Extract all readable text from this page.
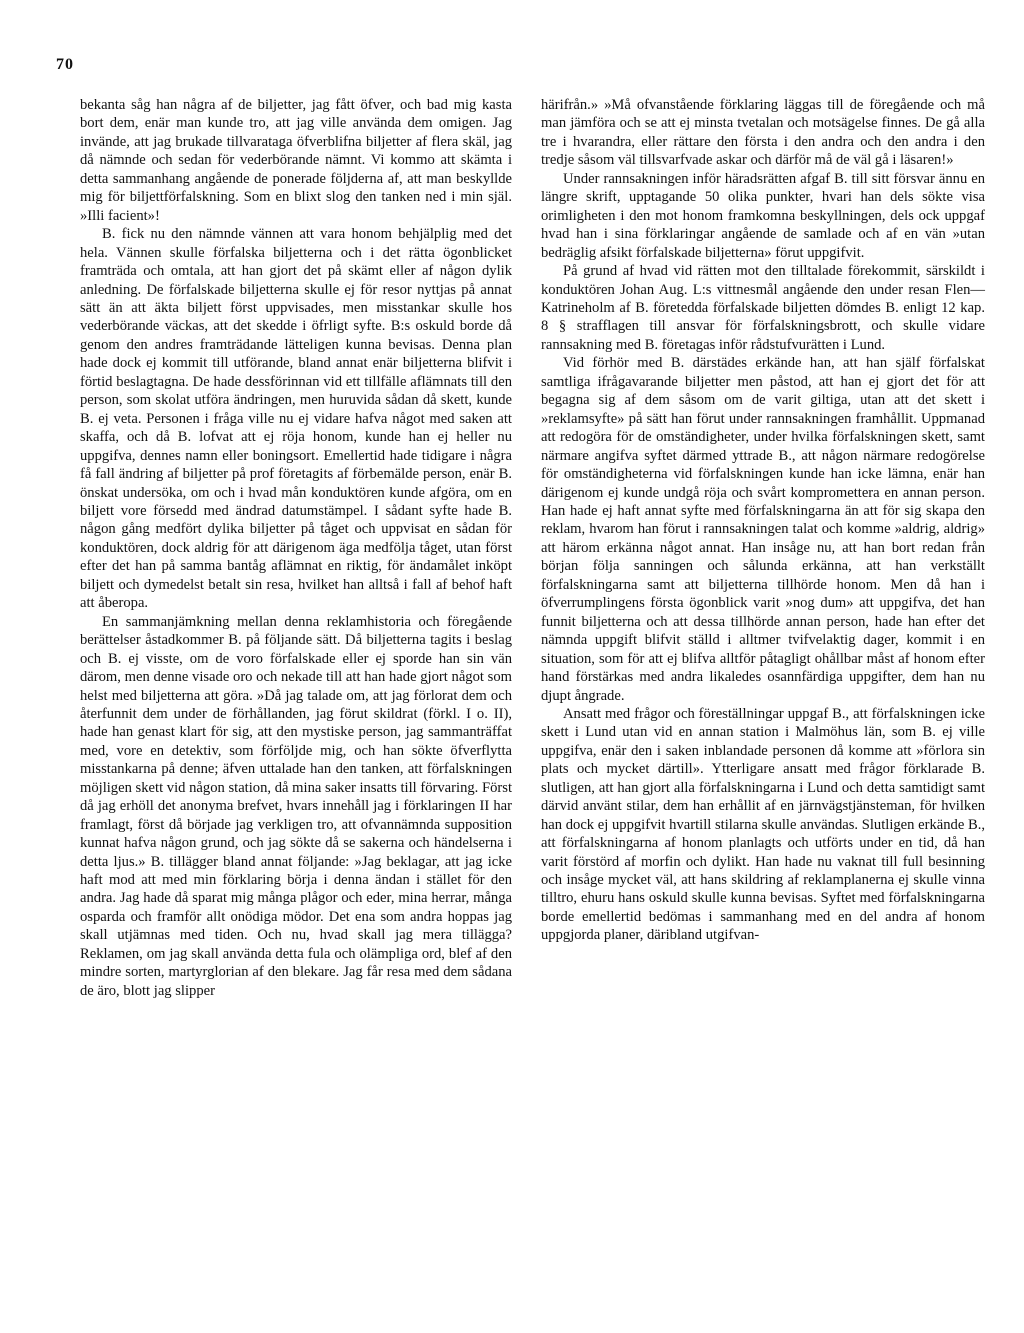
70

bekanta såg han några af de biljetter, jag fått öfver, och bad mig kasta bort dem, enär man kunde tro, att jag ville använda dem omigen. Jag invände, att jag brukade tillvarataga öfverblifna biljetter af flera skäl, jag då nämnde och sedan för vederbörande nämnt. Vi kommo att skämta i detta sammanhang angående de ponerade följderna af, att man beskyllde mig för biljettförfalskning. Som en blixt slog den tanken ned i min själ. »Illi facient»!

B. fick nu den nämnde vännen att vara honom behjälplig med det hela. Vännen skulle förfalska biljetterna och i det rätta ögonblicket framträda och omtala, att han gjort det på skämt eller af någon dylik anledning. De förfalskade biljetterna skulle ej för resor nyttjas på annat sätt än att äkta biljett först uppvisades, men misstankar skulle hos vederbörande väckas, att det skedde i öfrligt syfte. B:s oskuld borde då genom den andres framträdande lätteligen kunna bevisas. Denna plan hade dock ej kommit till utförande, bland annat enär biljetterna blifvit i förtid beslagtagna. De hade dessförinnan vid ett tillfälle aflämnats till den person, som skolat utföra ändringen, men huruvida sådan då skett, kunde B. ej veta. Personen i fråga ville nu ej vidare hafva något med saken att skaffa, och då B. lofvat att ej röja honom, kunde han ej heller nu uppgifva, dennes namn eller boningsort. Emellertid hade tidigare i några få fall ändring af biljetter på prof företagits af förbemälde person, enär B. önskat undersöka, om och i hvad mån konduktören kunde afgöra, om en biljett vore försedd med ändrad datumstämpel. I sådant syfte hade B. någon gång medfört dylika biljetter på tåget och uppvisat en sådan för konduktören, dock aldrig för att därigenom äga medfölja tåget, utan först efter det han på samma bantåg aflämnat en riktig, för ändamålet inköpt biljett och dymedelst betalt sin resa, hvilket han alltså i fall af behof haft att åberopa.

En sammanjämkning mellan denna reklamhistoria och föregående berättelser åstadkommer B. på följande sätt. Då biljetterna tagits i beslag och B. ej visste, om de voro förfalskade eller ej sporde han sin vän därom, men denne visade oro och nekade till att han hade gjort något som helst med biljetterna att göra. »Då jag talade om, att jag förlorat dem och återfunnit dem under de förhållanden, jag förut skildrat (förkl. I o. II), hade han genast klart för sig, att den mystiske person, jag sammanträffat med, vore en detektiv, som förföljde mig, och han sökte öfverflytta misstankarna på denne; äfven uttalade han den tanken, att förfalskningen möjligen skett vid någon station, då mina saker insatts till förvaring. Först då jag erhöll det anonyma brefvet, hvars innehåll jag i förklaringen II har framlagt, först då började jag verkligen tro, att ofvannämnda supposition kunnat hafva någon grund, och jag sökte då se sakerna och händelserna i detta ljus.» B. tillägger bland annat följande: »Jag beklagar, att jag icke haft mod att med min förklaring börja i denna ändan i stället för den andra. Jag hade då sparat mig många plågor och eder, mina herrar, många osparda och framför allt onödiga mödor. Det ena som andra hoppas jag skall utjämnas med tiden. Och nu, hvad skall jag mera tillägga? Reklamen, om jag skall använda detta fula och olämpliga ord, blef af den mindre sorten, martyrglorian af den blekare. Jag får resa med dem sådana de äro, blott jag slipper

härifrån.» »Må ofvanstående förklaring läggas till de föregående och må man jämföra och se att ej minsta tvetalan och motsägelse finnes. De gå alla tre i hvarandra, eller rättare den första i den andra och den andra i den tredje såsom väl tillsvarfvade askar och därför må de väl gå i läsaren!»

Under rannsakningen inför häradsrätten afgaf B. till sitt försvar ännu en längre skrift, upptagande 50 olika punkter, hvari han dels sökte visa orimligheten i den mot honom framkomna beskyllningen, dels ock uppgaf hvad han i sina förklaringar angående de samlade och af en vän »utan bedräglig afsikt förfalskade biljetterna» förut uppgifvit.

På grund af hvad vid rätten mot den tilltalade förekommit, särskildt i konduktören Johan Aug. L:s vittnesmål angående den under resan Flen—Katrineholm af B. företedda förfalskade biljetten dömdes B. enligt 12 kap. 8 § strafflagen till ansvar för förfalskningsbrott, och skulle vidare rannsakning med B. företagas inför rådstufvurätten i Lund.

Vid förhör med B. därstädes erkände han, att han själf förfalskat samtliga ifrågavarande biljetter men påstod, att han ej gjort det för att begagna sig af dem såsom om de varit giltiga, utan att det skett i »reklamsyfte» på sätt han förut under rannsakningen framhållit. Uppmanad att redogöra för de omständigheter, under hvilka förfalskningen skett, samt närmare angifva syftet därmed yttrade B., att någon närmare redogörelse för omständigheterna vid förfalskningen kunde han icke lämna, enär han därigenom ej kunde undgå röja och svårt kompromettera en annan person. Han hade ej haft annat syfte med förfalskningarna än att för sig skapa den reklam, hvarom han förut i rannsakningen talat och komme »aldrig, aldrig» att härom erkänna något annat. Han insåge nu, att han bort redan från början följa sanningen och sålunda erkänna, att han verkställt förfalskningarna samt att biljetterna tillhörde honom. Men då han i öfverrumplingens första ögonblick varit »nog dum» att uppgifva, det han funnit biljetterna och att dessa tillhörde annan person, hade han efter det nämnda uppgift blifvit ställd i alltmer tvifvelaktig dager, kommit i en situation, som för att ej blifva alltför påtagligt ohållbar måst af honom efter hand förstärkas med andra likaledes osannfärdiga uppgifter, dem han nu djupt ångrade.

Ansatt med frågor och föreställningar uppgaf B., att förfalskningen icke skett i Lund utan vid en annan station i Malmöhus län, som B. ej ville uppgifva, enär den i saken inblandade personen då komme att »förlora sin plats och mycket därtill». Ytterligare ansatt med frågor förklarade B. slutligen, att han gjort alla förfalskningarna i Lund och detta samtidigt samt därvid använt stilar, dem han erhållit af en järnvägstjänsteman, för hvilken han dock ej uppgifvit hvartill stilarna skulle användas. Slutligen erkände B., att förfalskningarna af honom planlagts och utförts under en tid, då han varit förstörd af morfin och dylikt. Han hade nu vaknat till full besinning och insåge mycket väl, att hans skildring af reklamplanerna ej skulle vinna tilltro, ehuru hans oskuld skulle kunna bevisas. Syftet med förfalskningarna borde emellertid bedömas i sammanhang med en del andra af honom uppgjorda planer, däribland utgifvan-
